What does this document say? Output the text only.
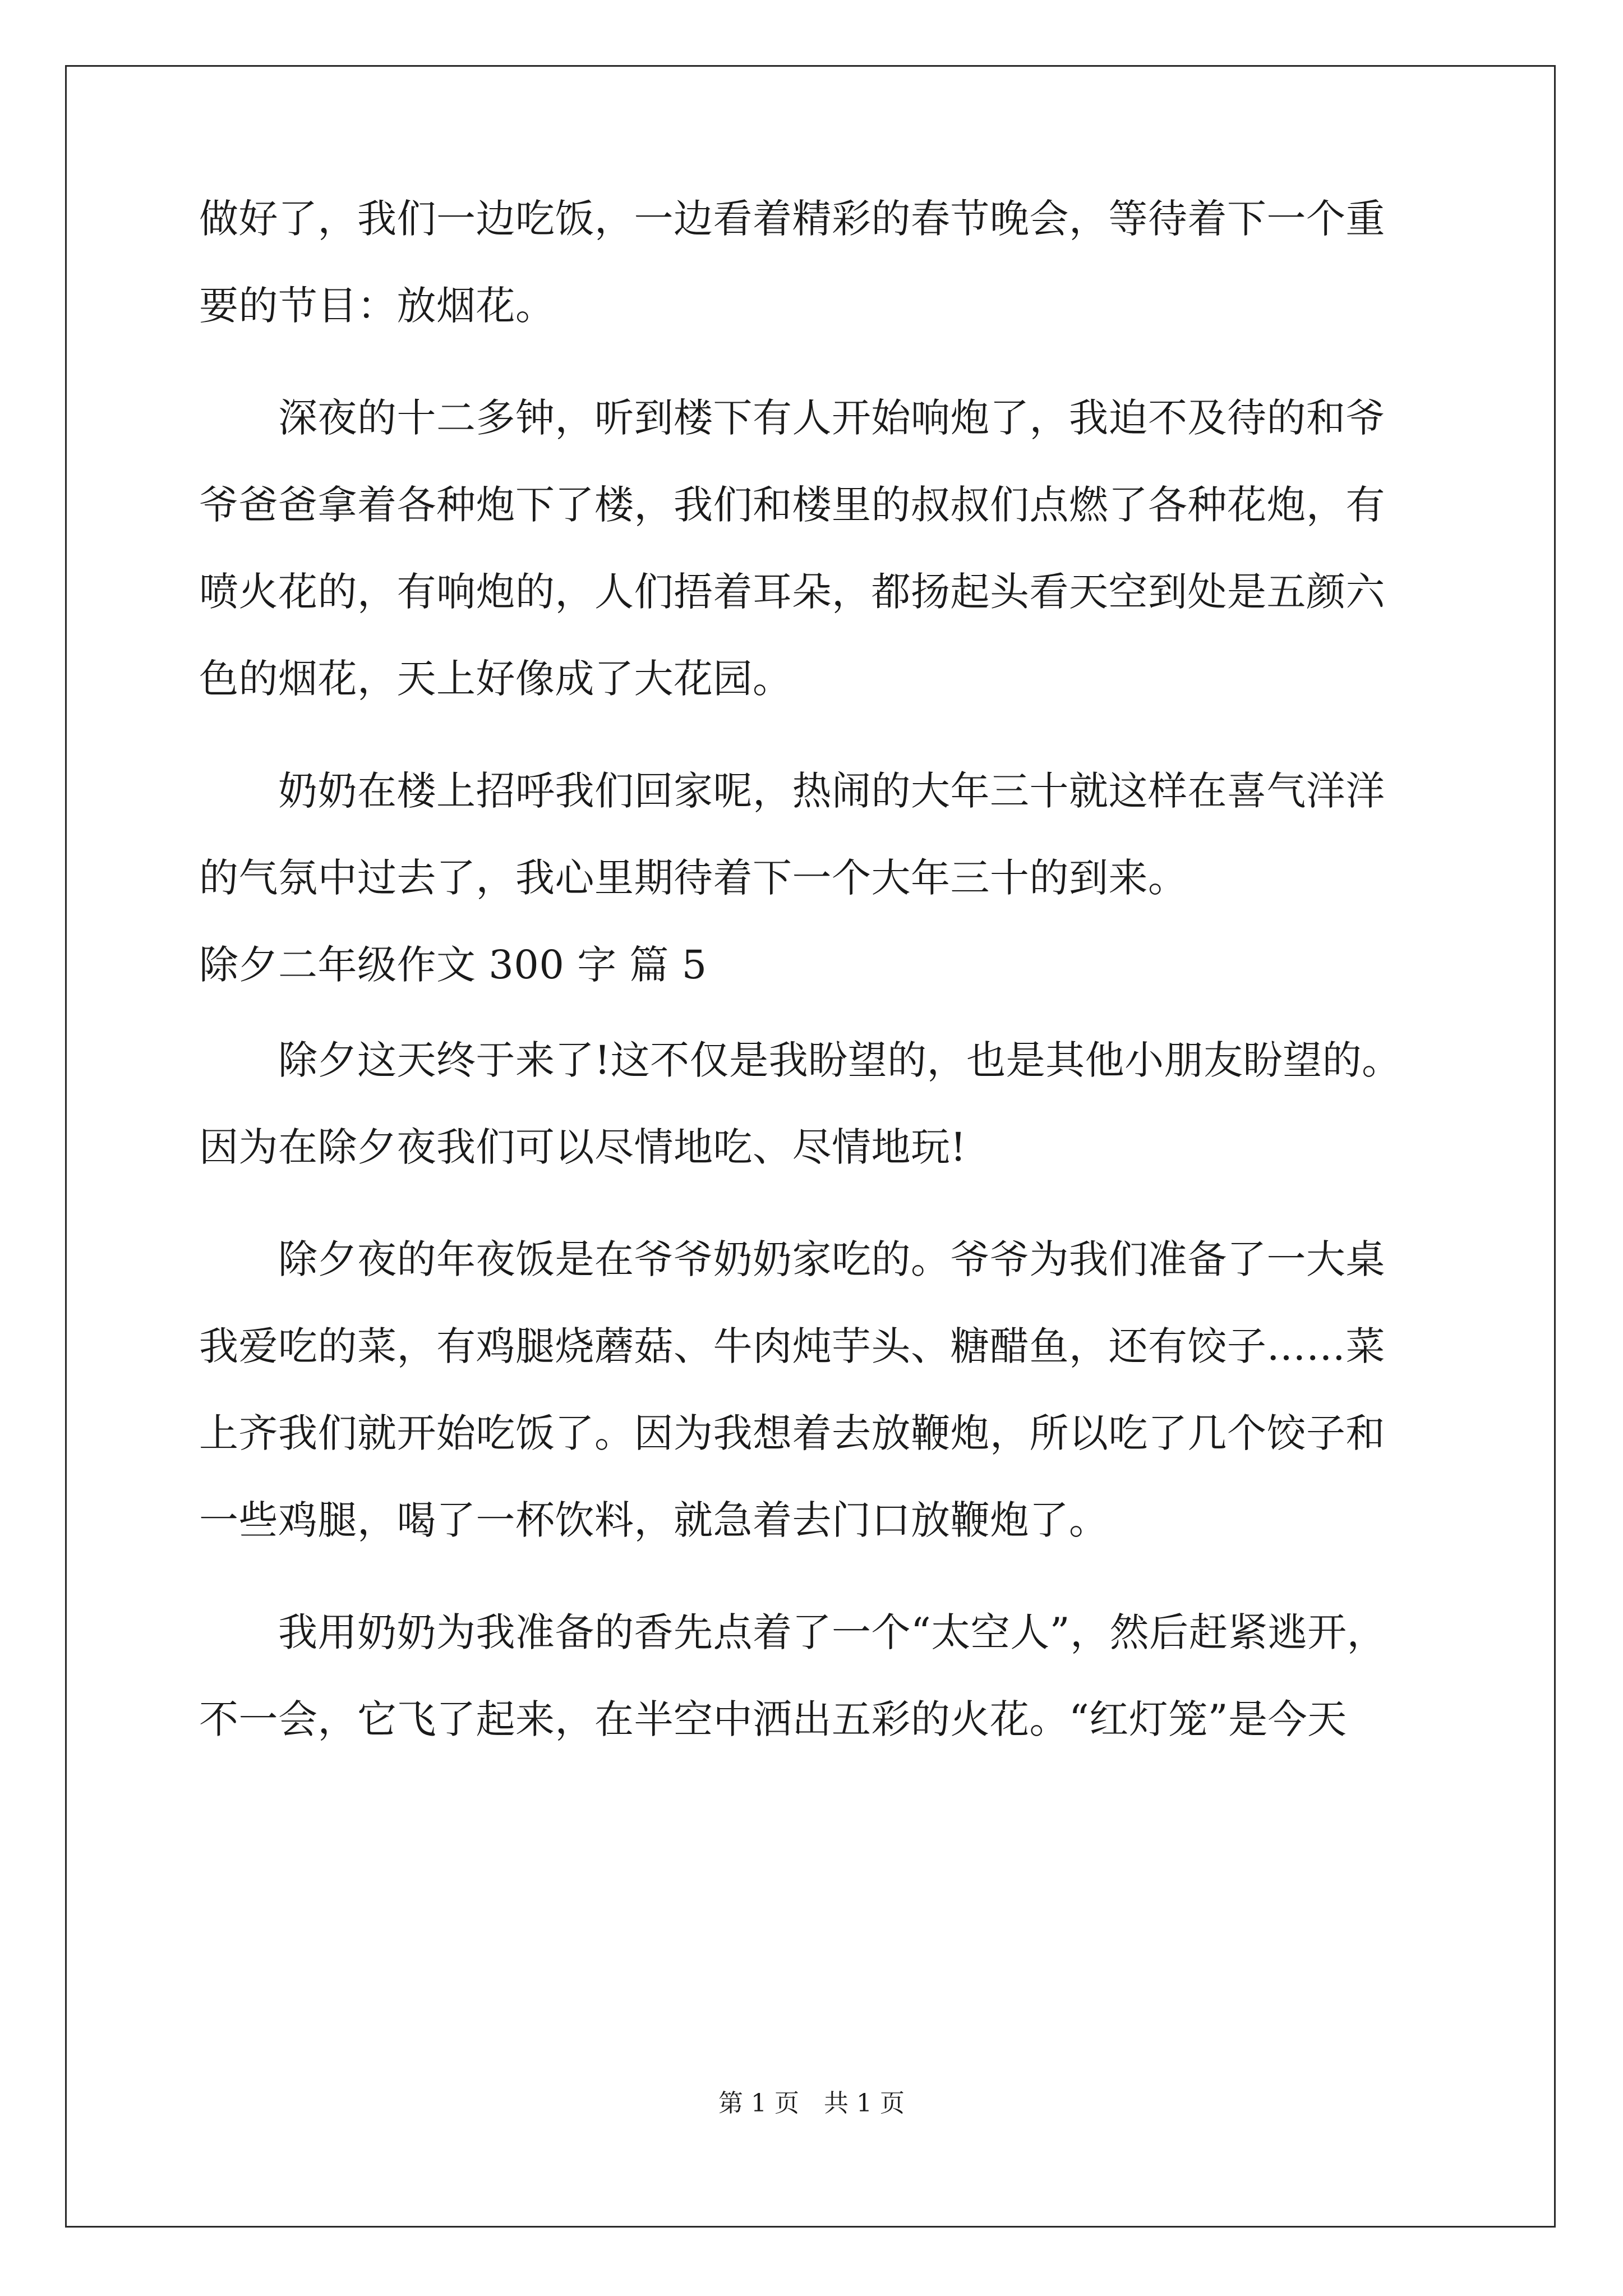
做好了，我们一边吃饭，一边看着精彩的春节晚会，等待着下一个重
要的节目：放烟花。
　　深夜的十二多钟，听到楼下有人开始响炮了，我迫不及待的和爷
爷爸爸拿着各种炮下了楼，我们和楼里的叔叔们点燃了各种花炮，有
喷火花的，有响炮的，人们捂着耳朵，都扬起头看天空到处是五颜六
色的烟花，天上好像成了大花园。
　　奶奶在楼上招呼我们回家呢，热闹的大年三十就这样在喜气洋洋
的气氛中过去了，我心里期待着下一个大年三十的到来。
除夕二年级作文 300 字 篇 5
　　除夕这天终于来了!这不仅是我盼望的，也是其他小朋友盼望的。
因为在除夕夜我们可以尽情地吃、尽情地玩!
　　除夕夜的年夜饭是在爷爷奶奶家吃的。爷爷为我们准备了一大桌
我爱吃的菜，有鸡腿烧蘑菇、牛肉炖芋头、糖醋鱼，还有饺子……菜
上齐我们就开始吃饭了。因为我想着去放鞭炮，所以吃了几个饺子和
一些鸡腿，喝了一杯饮料，就急着去门口放鞭炮了。
　　我用奶奶为我准备的香先点着了一个“太空人”，然后赶紧逃开，
不一会，它飞了起来，在半空中洒出五彩的火花。“红灯笼”是今天
第 1 页　共 1 页
